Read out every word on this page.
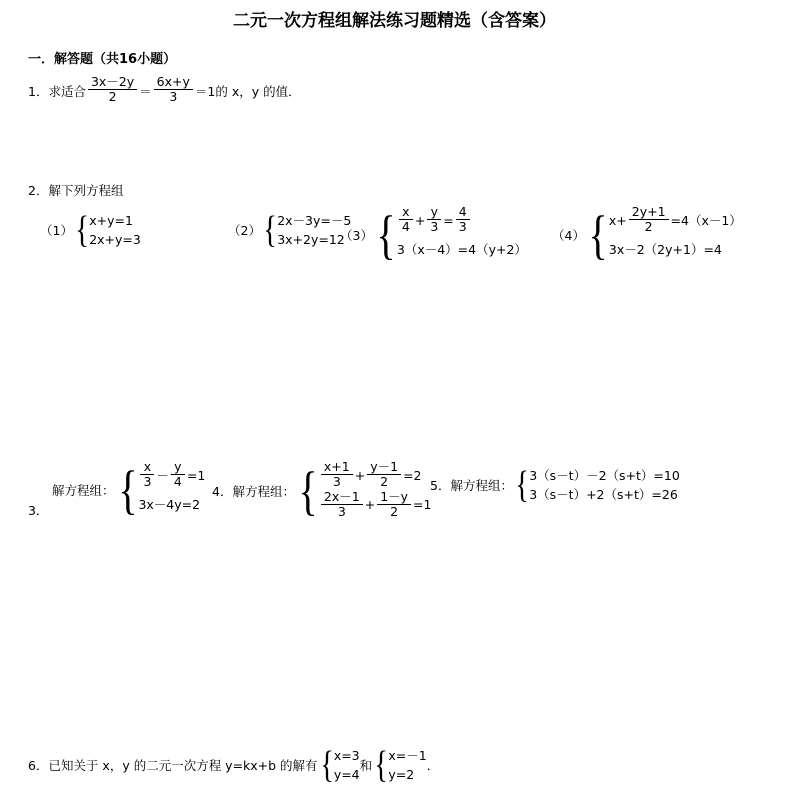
二元一次方程组解法练习题精选（含答案）
一．解答题（共16小题）
1．求适合 $\frac{3x-2y}{2} = \frac{6x+y}{3} =1$的 x，y 的值．
2．解下列方程组
（1） { x+y=1
2x+y=3
（2） { 2x－3y=－5
3x+2y=12
（3） { $\frac{x}{4} + \frac{y}{3} = \frac{4}{3}$
3（x－4）=4（y+2）
（4） { $x+ \frac{2y+1}{2} =4(x-1)$
3x－2（2y+1）=4
3．
解方程组： { $\frac{x}{3} - \frac{y}{4} =1$
3x－4y=2
4．解方程组： { $\frac{x+1}{3} + \frac{y-1}{2} =2$
$\frac{2x-1}{3} + \frac{1-y}{2} =1$
5．解方程组： { 3（s－t）－2（s+t）=10
3（s－t）+2（s+t）=26
6．已知关于 x，y 的二元一次方程 y=kx+b 的解有 { x=3
y=4
和 { x=－1
y=2
．
